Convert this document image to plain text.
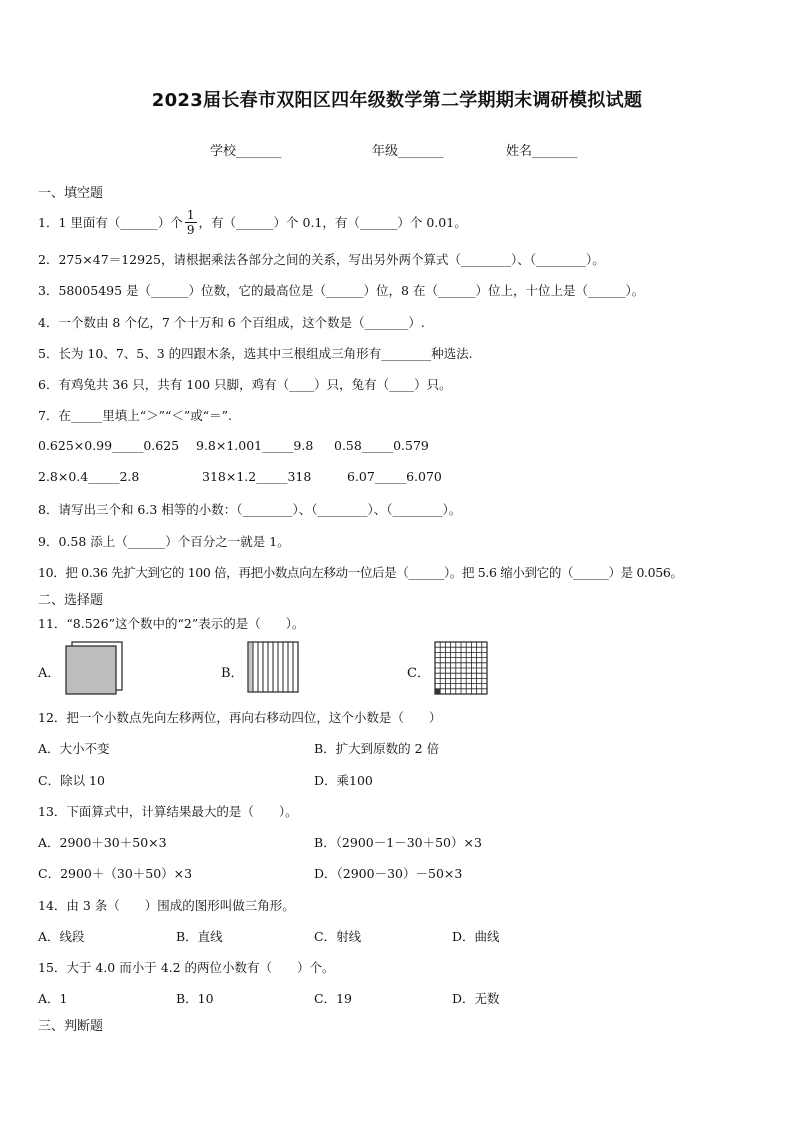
2023届长春市双阳区四年级数学第二学期期末调研模拟试题
学校_______	年级_______	姓名_______
一、填空题
1．1 里面有（______）个 $\frac{1}{9}$ ，有（______）个 0.1，有（______）个 0.01。
2．275×47＝12925，请根据乘法各部分之间的关系，写出另外两个算式（________）、（________）。
3．58005495 是（______）位数，它的最高位是（______）位，8 在（______）位上，十位上是（______）。
4．一个数由 8 个亿，7 个十万和 6 个百组成，这个数是（_______）.
5．长为 10、7、5、3 的四跟木条，选其中三根组成三角形有________种选法.
6．有鸡兔共 36 只，共有 100 只脚，鸡有（____）只，兔有（____）只。
7．在_____里填上“＞”“＜”或“＝”.
0.625×0.99_____0.625 9.8×1.001_____9.8 0.58_____0.579
2.8×0.4_____2.8	318×1.2_____318	6.07_____6.070
8．请写出三个和 6.3 相等的小数：（________）、（________）、（________）。
9．0.58 添上（______）个百分之一就是 1。
10．把 0.36 先扩大到它的 100 倍，再把小数点向左移动一位后是（______）。把 5.6 缩小到它的（______）是 0.056。
二、选择题
11．“8.526”这个数中的“2”表示的是（　　）。
A．	B．	C．
12．把一个小数点先向左移两位，再向右移动四位，这个小数是（　　）
A．大小不变	B．扩大到原数的 2 倍
C．除以 10	D．乘100
13．下面算式中，计算结果最大的是（　　）。
A．2900＋30＋50×3	B．（2900－1－30＋50）×3
C．2900＋（30＋50）×3	D．（2900－30）－50×3
14．由 3 条（　　）围成的图形叫做三角形。
A．线段	B．直线	C．射线	D．曲线
15．大于 4.0 而小于 4.2 的两位小数有（　　）个。
A．1	B．10	C．19	D．无数
三、判断题
